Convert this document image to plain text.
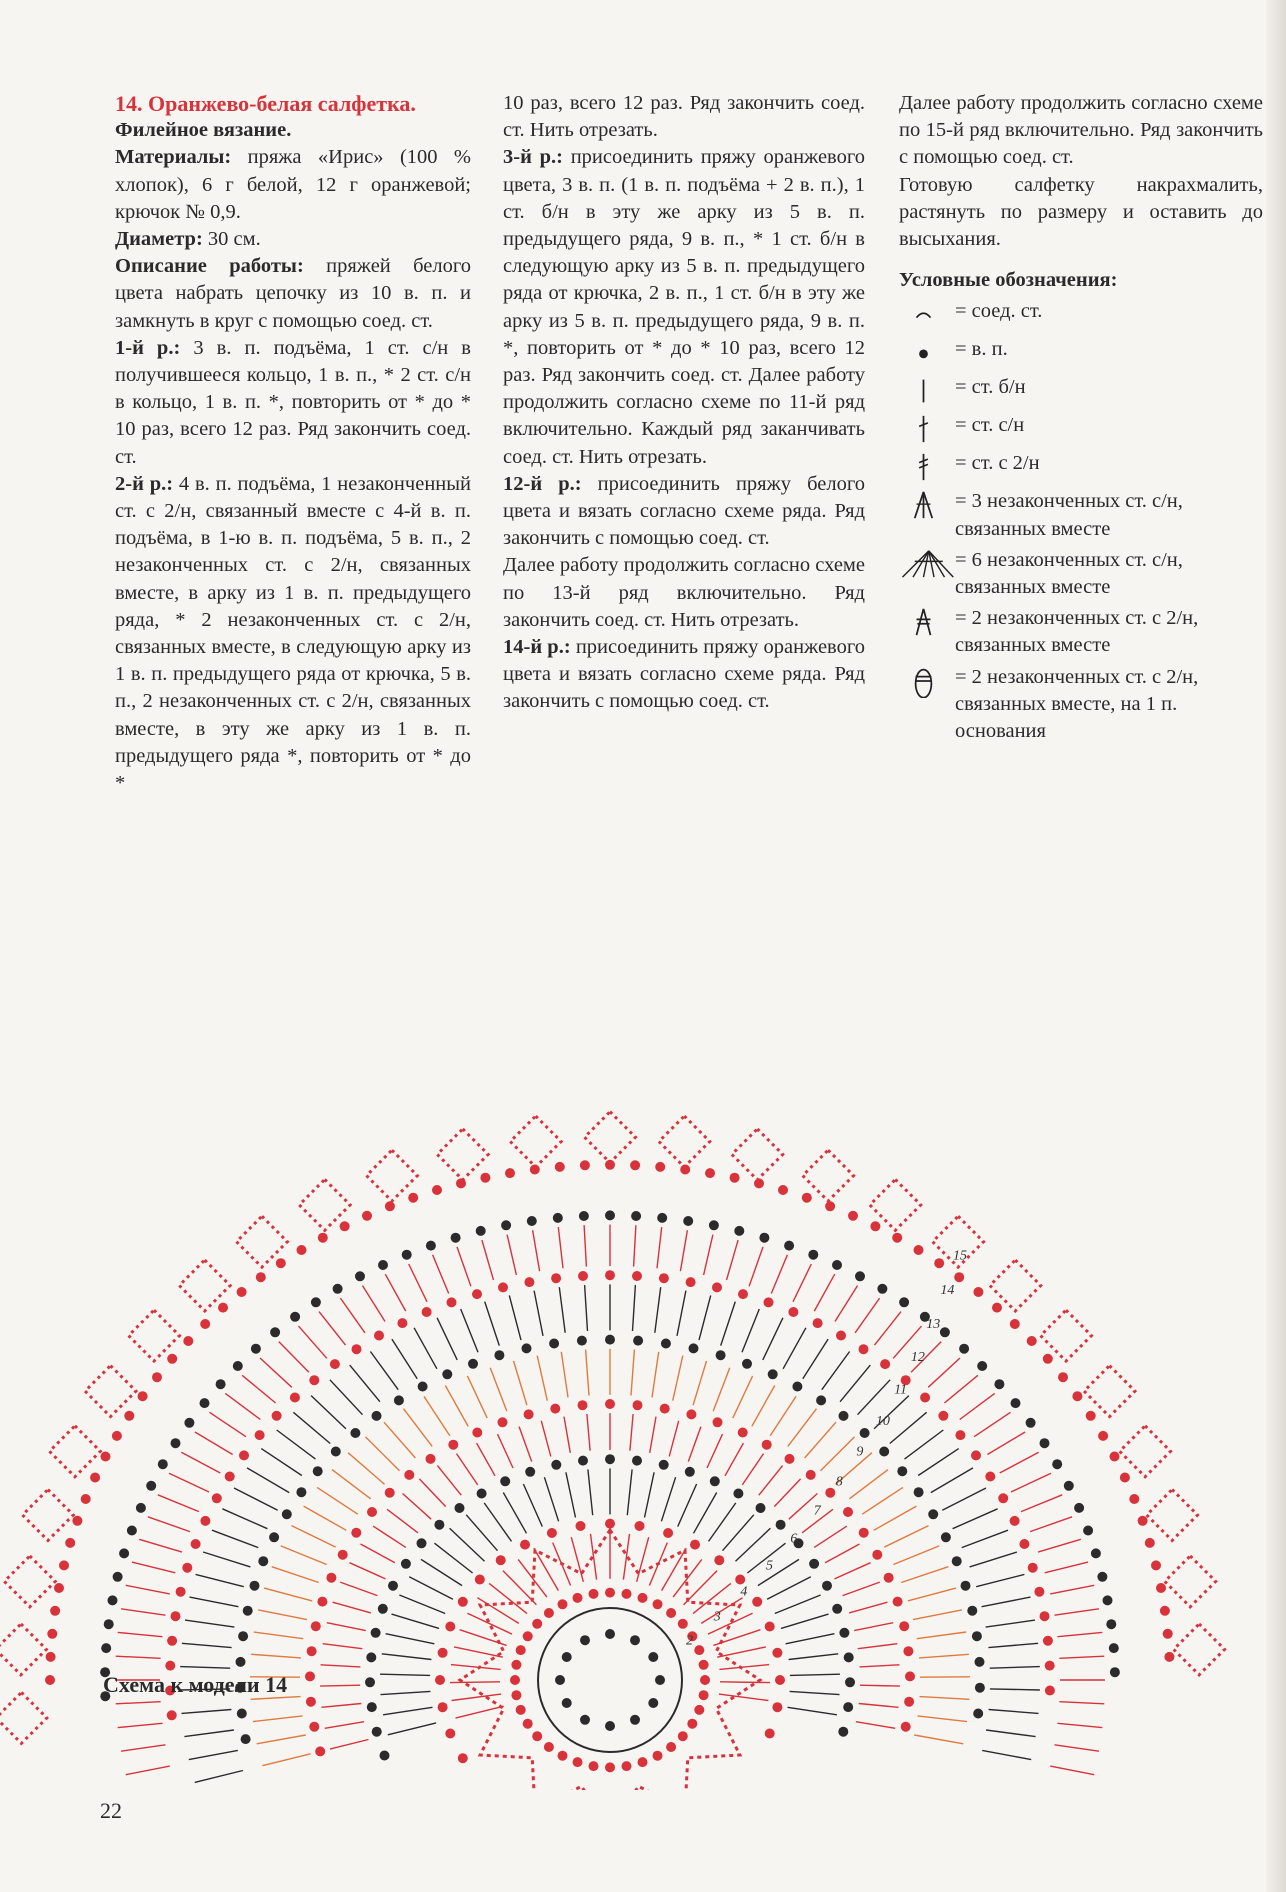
14. Оранжево-белая салфетка.
Филейное вязание.

Материалы: пряжа «Ирис» (100 % хлопок), 6 г белой, 12 г оранжевой; крючок № 0,9.

Диаметр: 30 см.

Описание работы: пряжей белого цвета набрать цепочку из 10 в. п. и замкнуть в круг с помощью соед. ст.

1-й р.: 3 в. п. подъёма, 1 ст. с/н в получившееся кольцо, 1 в. п., * 2 ст. с/н в кольцо, 1 в. п. *, повторить от * до * 10 раз, всего 12 раз. Ряд закончить соед. ст.

2-й р.: 4 в. п. подъёма, 1 незаконченный ст. с 2/н, связанный вместе с 4-й в. п. подъёма, в 1-ю в. п. подъёма, 5 в. п., 2 незаконченных ст. с 2/н, связанных вместе, в арку из 1 в. п. предыдущего ряда, * 2 незаконченных ст. с 2/н, связанных вместе, в следующую арку из 1 в. п. предыдущего ряда от крючка, 5 в. п., 2 незаконченных ст. с 2/н, связанных вместе, в эту же арку из 1 в. п. предыдущего ряда *, повторить от * до *

10 раз, всего 12 раз. Ряд закончить соед. ст. Нить отрезать.

3-й р.: присоединить пряжу оранжевого цвета, 3 в. п. (1 в. п. подъёма + 2 в. п.), 1 ст. б/н в эту же арку из 5 в. п. предыдущего ряда, 9 в. п., * 1 ст. б/н в следующую арку из 5 в. п. предыдущего ряда от крючка, 2 в. п., 1 ст. б/н в эту же арку из 5 в. п. предыдущего ряда, 9 в. п. *, повторить от * до * 10 раз, всего 12 раз. Ряд закончить соед. ст. Далее работу продолжить согласно схеме по 11-й ряд включительно. Каждый ряд заканчивать соед. ст. Нить отрезать.

12-й р.: присоединить пряжу белого цвета и вязать согласно схеме ряда. Ряд закончить с помощью соед. ст.

Далее работу продолжить согласно схеме по 13-й ряд включительно. Ряд закончить соед. ст. Нить отрезать.

14-й р.: присоединить пряжу оранжевого цвета и вязать согласно схеме ряда. Ряд закончить с помощью соед. ст.

Далее работу продолжить согласно схеме по 15-й ряд включительно. Ряд закончить с помощью соед. ст.

Готовую салфетку накрахмалить, растянуть по размеру и оставить до высыхания.

Условные обозначения:
= соед. ст.
= в. п.
= ст. б/н
= ст. с/н
= ст. с 2/н
= 3 незаконченных ст. с/н, связанных вместе
= 6 незаконченных ст. с/н, связанных вместе
= 2 незаконченных ст. с 2/н, связанных вместе
= 2 незаконченных ст. с 2/н, связанных вместе, на 1 п. основания
2
3
4
5
6
7
8
9
10
11
12
13
14
15
Схема к модели 14
22
